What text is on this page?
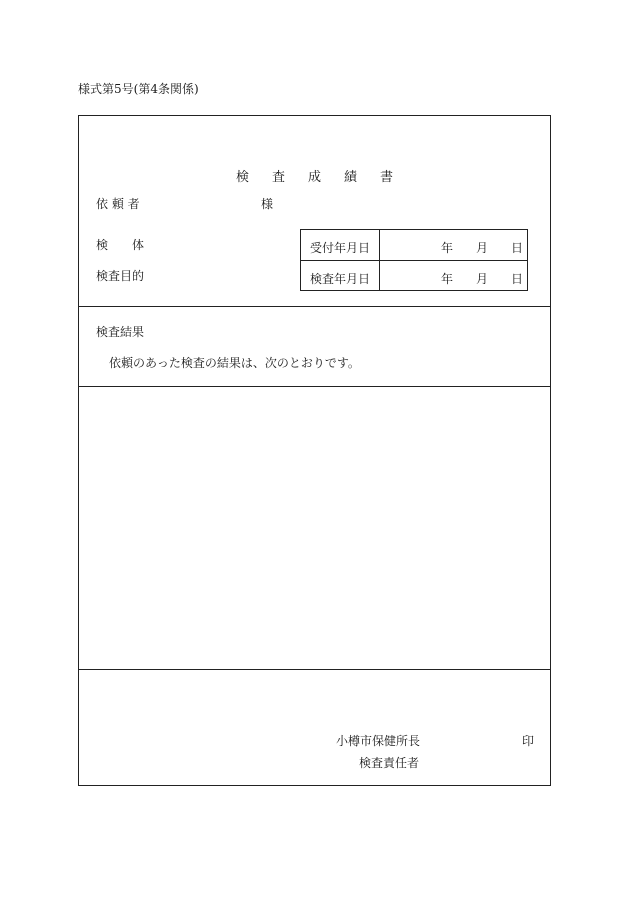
様式第5号(第4条関係)
検査成績書
依 頼 者	様
検　　体
検査目的
受付年月日	年 月 日
検査年月日	年 月 日
検査結果
依頼のあった検査の結果は、次のとおりです。
小樽市保健所長	印
検査責任者
